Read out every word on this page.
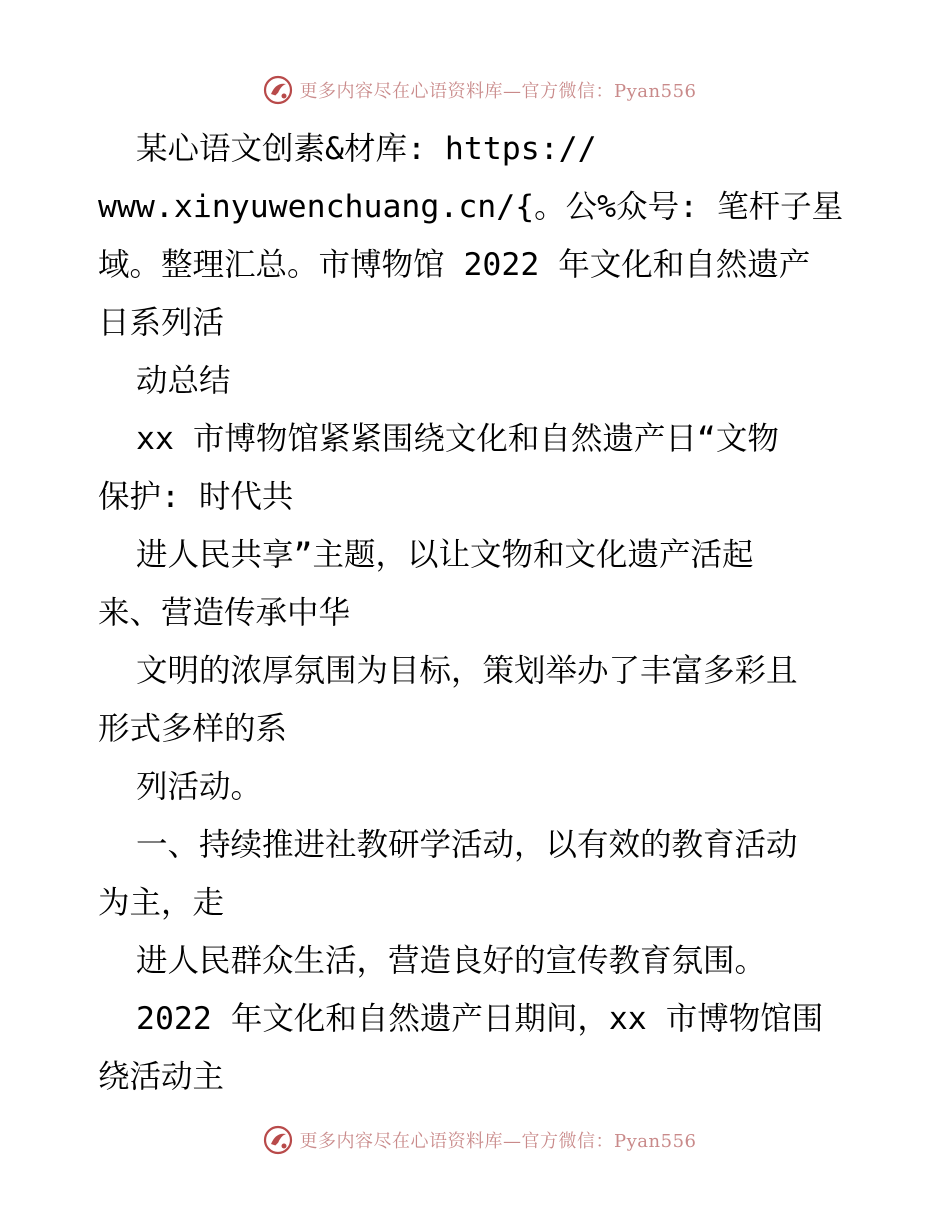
更多内容尽在心语资料库—官方微信：Pyan556
某心语文创素&材库: https://
www.xinyuwenchuang.cn/{。公%众号: 笔杆子星
域。整理汇总。市博物馆 2022 年文化和自然遗产
日系列活
动总结
xx 市博物馆紧紧围绕文化和自然遗产日“文物
保护: 时代共
进人民共享”主题，以让文物和文化遗产活起
来、营造传承中华
文明的浓厚氛围为目标，策划举办了丰富多彩且
形式多样的系
列活动。
一、持续推进社教研学活动，以有效的教育活动
为主，走
进人民群众生活，营造良好的宣传教育氛围。
2022 年文化和自然遗产日期间，xx 市博物馆围
绕活动主
更多内容尽在心语资料库—官方微信：Pyan556
